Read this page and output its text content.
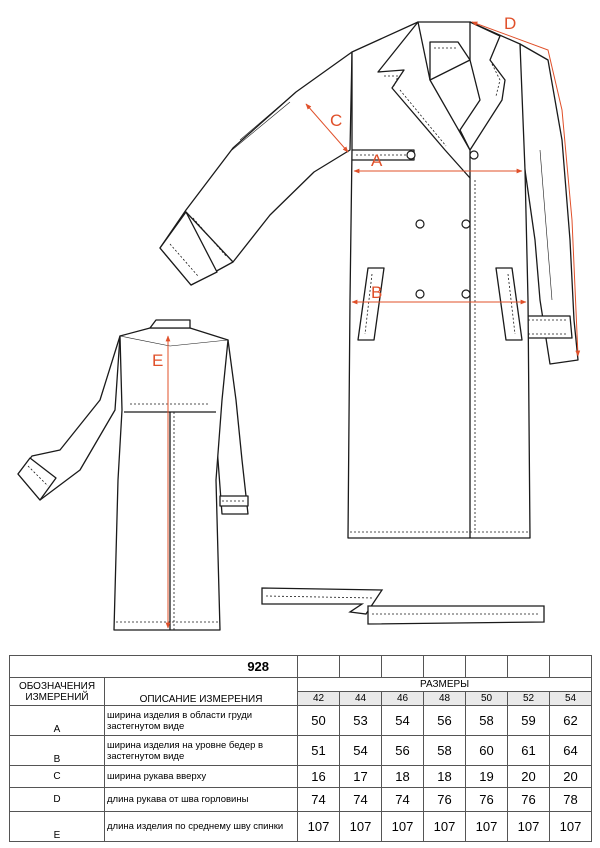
A
B
C
D
E
928								
ОБОЗНАЧЕНИЯ ИЗМЕРЕНИЙ	ОПИСАНИЕ ИЗМЕРЕНИЯ	РАЗМЕРЫ						
		42	44	46	48	50	52	54
A	ширина изделия в области груди застегнутом виде	50	53	54	56	58	59	62
B	ширина изделия на уровне бедер в застегнутом виде	51	54	56	58	60	61	64
C	ширина рукава вверху	16	17	18	18	19	20	20
D	длина рукава от шва горловины	74	74	74	76	76	76	78
E	длина изделия по среднему шву спинки	107	107	107	107	107	107	107
